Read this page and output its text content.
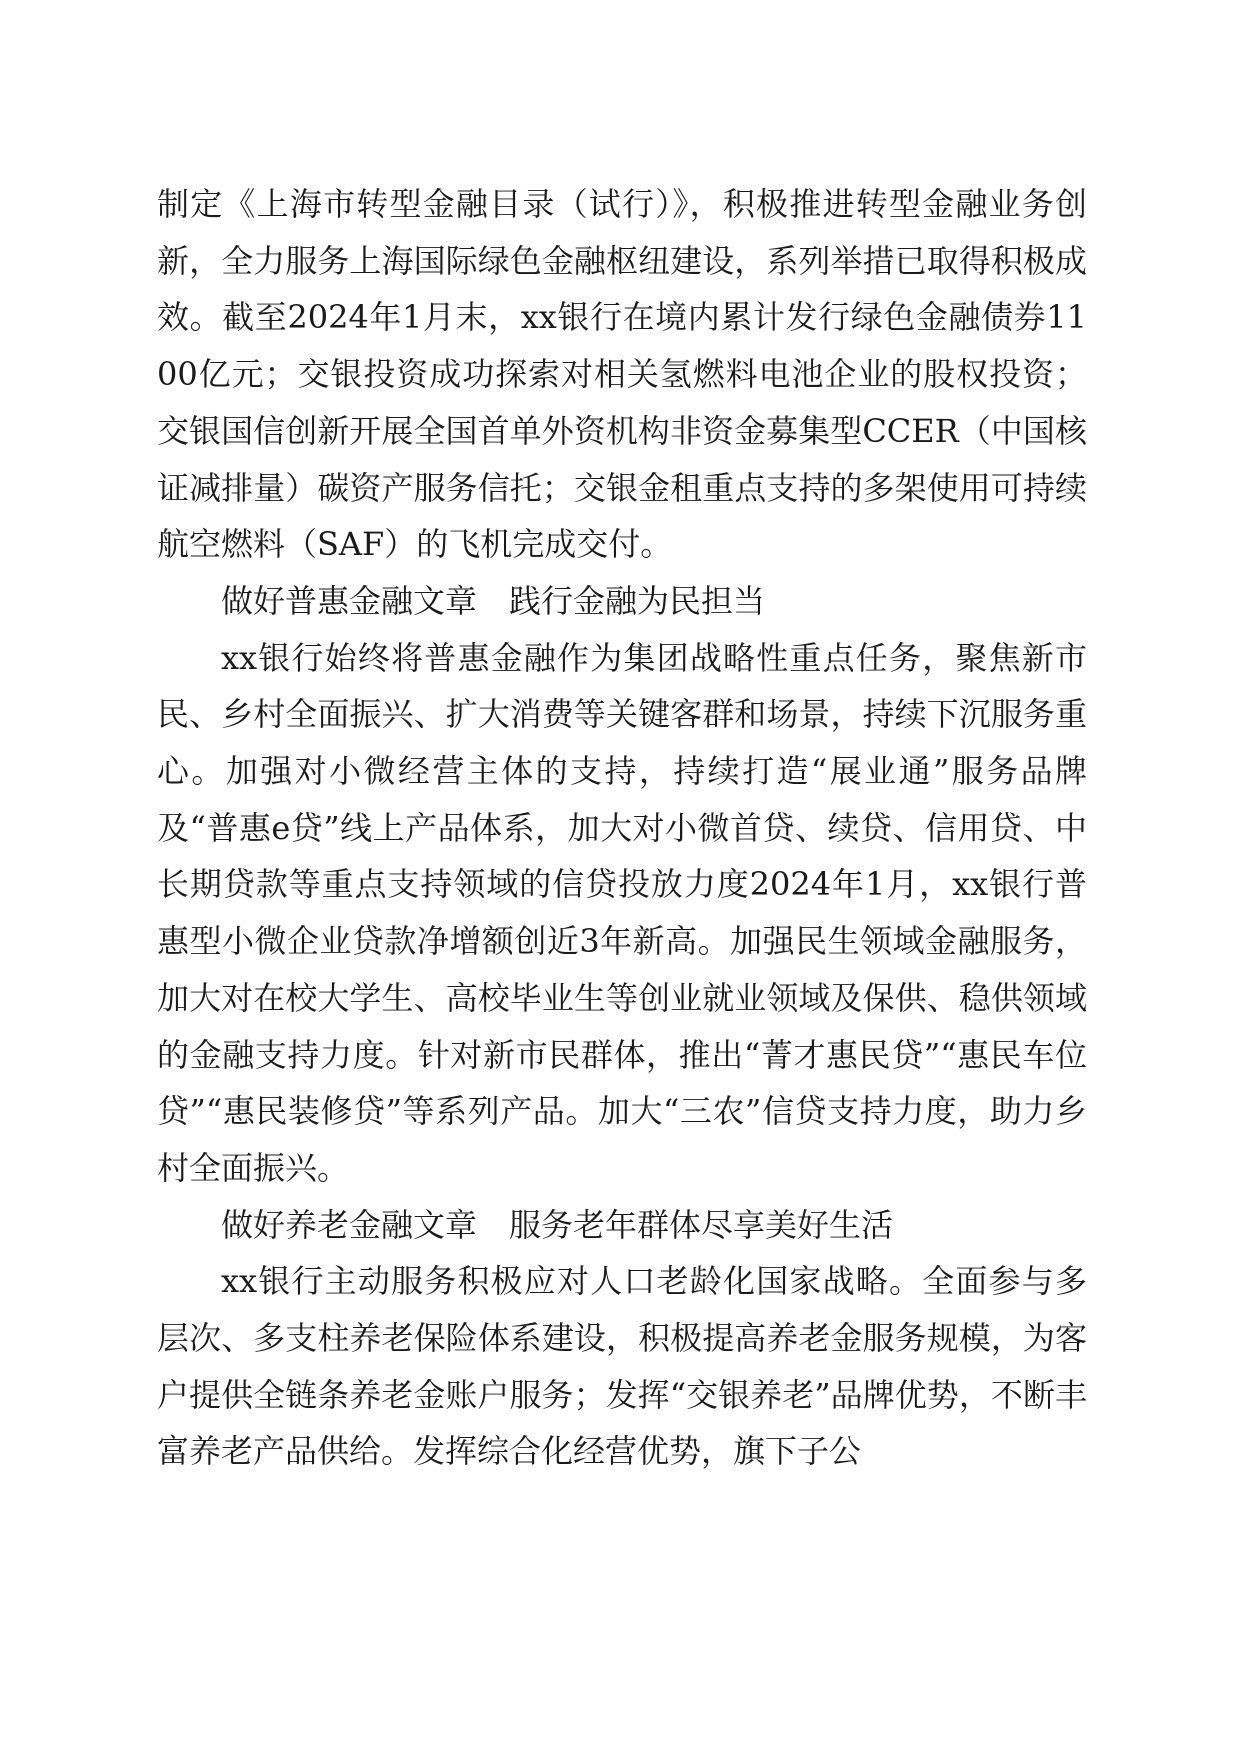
制定《上海市转型金融目录（试行）》，积极推进转型金融业务创新，全力服务上海国际绿色金融枢纽建设，系列举措已取得积极成效。截至2024年1月末，xx银行在境内累计发行绿色金融债券1100亿元；交银投资成功探索对相关氢燃料电池企业的股权投资；交银国信创新开展全国首单外资机构非资金募集型CCER（中国核证减排量）碳资产服务信托；交银金租重点支持的多架使用可持续航空燃料（SAF）的飞机完成交付。

做好普惠金融文章　践行金融为民担当

xx银行始终将普惠金融作为集团战略性重点任务，聚焦新市民、乡村全面振兴、扩大消费等关键客群和场景，持续下沉服务重心。加强对小微经营主体的支持，持续打造“展业通”服务品牌及“普惠e贷”线上产品体系，加大对小微首贷、续贷、信用贷、中长期贷款等重点支持领域的信贷投放力度2024年1月，xx银行普惠型小微企业贷款净增额创近3年新高。加强民生领域金融服务，加大对在校大学生、高校毕业生等创业就业领域及保供、稳供领域的金融支持力度。针对新市民群体，推出“菁才惠民贷”“惠民车位贷”“惠民装修贷”等系列产品。加大“三农”信贷支持力度，助力乡村全面振兴。

做好养老金融文章　服务老年群体尽享美好生活

xx银行主动服务积极应对人口老龄化国家战略。全面参与多层次、多支柱养老保险体系建设，积极提高养老金服务规模，为客户提供全链条养老金账户服务；发挥“交银养老”品牌优势，不断丰富养老产品供给。发挥综合化经营优势，旗下子公
